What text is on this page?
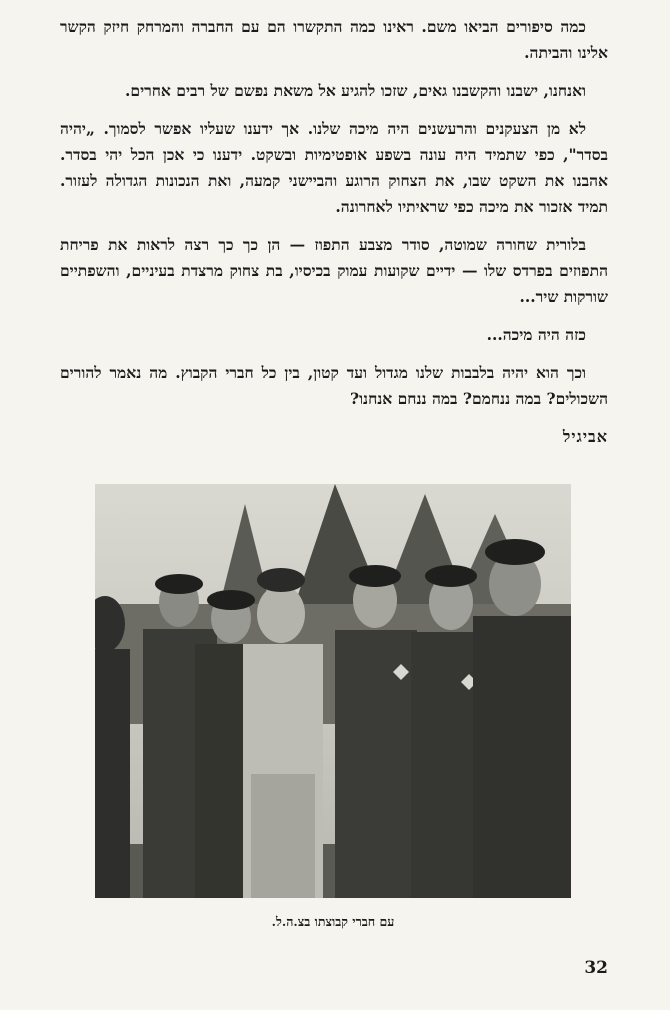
כמה סיפורים הביאו משם. ראינו כמה התקשרו הם עם החברה והמרחק חיזק הקשר אלינו והביתה.

ואנחנו, ישבנו והקשבנו גאים, שזכו להגיע אל משאת נפשם של רבים אחרים.

לא מן הצעקנים והרעשנים היה מיכה שלנו. אך ידענו שעליו אפשר לסמוך. „יהיה בסדר", כפי שתמיד היה עונה בשפע אופטימיות ובשקט. ידענו כי אכן הכל יהי בסדר. אהבנו את השקט שבו, את הצחוק הרוגע והביישני קמעה, ואת הנכונות הגדולה לעזור. תמיד אזכור את מיכה כפי שראיתיו לאחרונה.

בלורית שחורה שמוטה, סודר מצבע התפוז — הן כך כך רצה לראות את פריחת התפוזים בפרדס שלו — ידיים שקועות עמוק בכיסיו, בת צחוק מרצדת בעיניים, והשפתיים שורקות שיר...

כזה היה מיכה...

וכך הוא יהיה בלבבות שלנו מגדול ועד קטון, בין כל חברי הקבוץ. מה נאמר להורים השכולים? במה ננחמם? במה ננחם אנחנו?

אביגיל

עם חברי קבוצתו בצ.ה.ל.
32
